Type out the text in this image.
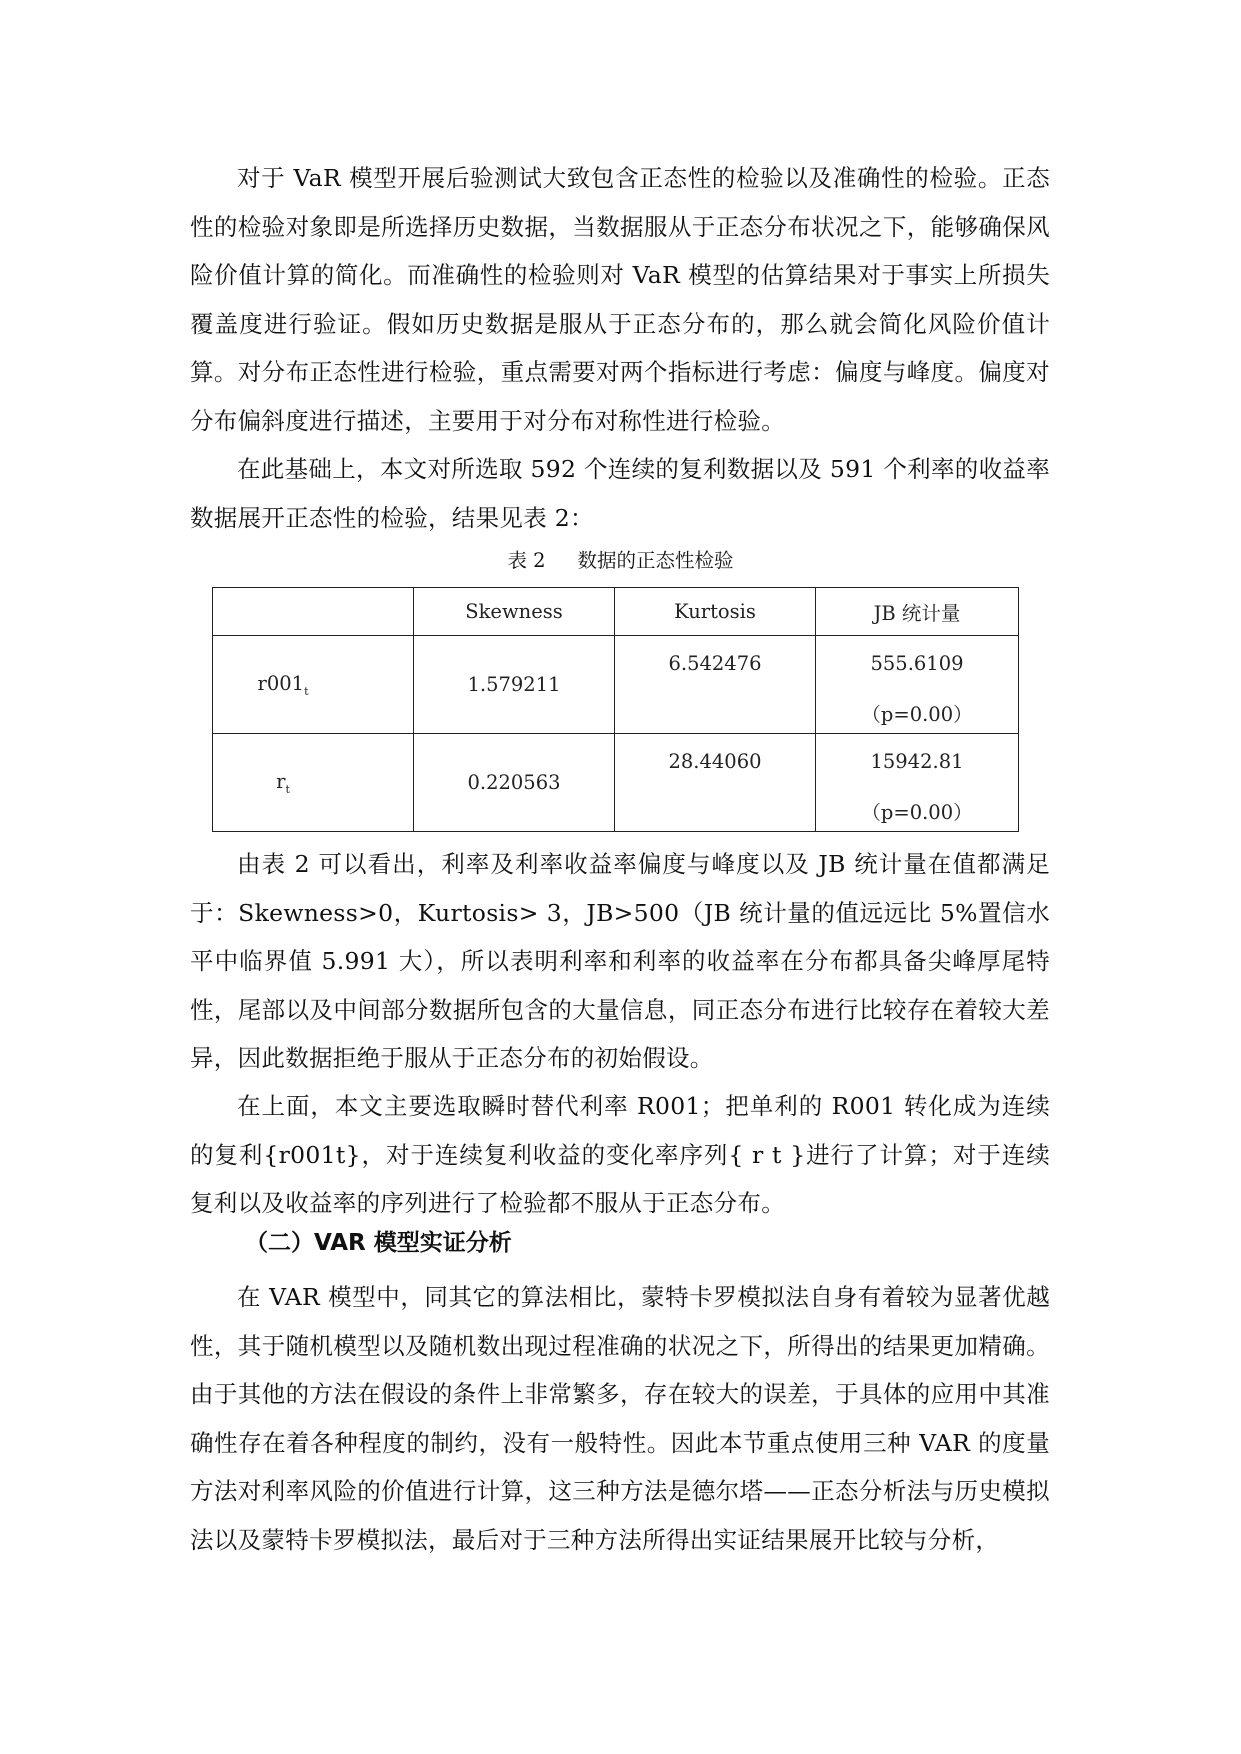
对于 VaR 模型开展后验测试大致包含正态性的检验以及准确性的检验。正态性的检验对象即是所选择历史数据，当数据服从于正态分布状况之下，能够确保风险价值计算的简化。而准确性的检验则对 VaR 模型的估算结果对于事实上所损失覆盖度进行验证。假如历史数据是服从于正态分布的，那么就会简化风险价值计算。对分布正态性进行检验，重点需要对两个指标进行考虑：偏度与峰度。偏度对分布偏斜度进行描述，主要用于对分布对称性进行检验。

在此基础上，本文对所选取 592 个连续的复利数据以及 591 个利率的收益率数据展开正态性的检验，结果见表 2：

表 2 数据的正态性检验
	Skewness	Kurtosis	JB 统计量
$r001_t$	1.579211	6.542476	555.6109
（p=0.00）

$r_t$	0.220563	28.44060	15942.81
（p=0.00）

由表 2 可以看出，利率及利率收益率偏度与峰度以及 JB 统计量在值都满足于：Skewness>0，Kurtosis> 3，JB>500（JB 统计量的值远远比 5%置信水平中临界值 5.991 大），所以表明利率和利率的收益率在分布都具备尖峰厚尾特性，尾部以及中间部分数据所包含的大量信息，同正态分布进行比较存在着较大差异，因此数据拒绝于服从于正态分布的初始假设。

在上面，本文主要选取瞬时替代利率 R001；把单利的 R001 转化成为连续的复利{r001t}，对于连续复利收益的变化率序列{ r t }进行了计算；对于连续复利以及收益率的序列进行了检验都不服从于正态分布。

（二）VAR 模型实证分析

在 VAR 模型中，同其它的算法相比，蒙特卡罗模拟法自身有着较为显著优越性，其于随机模型以及随机数出现过程准确的状况之下，所得出的结果更加精确。由于其他的方法在假设的条件上非常繁多，存在较大的误差，于具体的应用中其准确性存在着各种程度的制约，没有一般特性。因此本节重点使用三种 VAR 的度量方法对利率风险的价值进行计算，这三种方法是德尔塔——正态分析法与历史模拟法以及蒙特卡罗模拟法，最后对于三种方法所得出实证结果展开比较与分析，
